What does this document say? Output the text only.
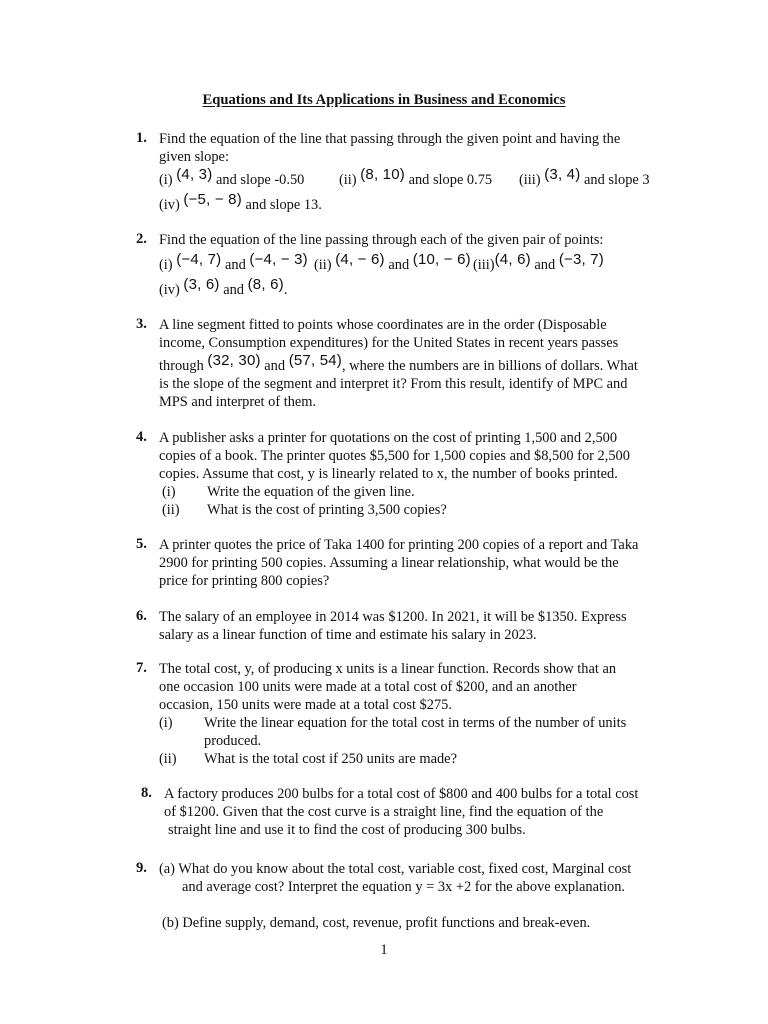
Equations and Its Applications in Business and Economics
1. Find the equation of the line that passing through the given point and having the
given slope:
(i) (4, 3) and slope -0.50 (ii) (8, 10) and slope 0.75 (iii) (3, 4) and slope 3
(iv) (−5, − 8) and slope 13.
2. Find the equation of the line passing through each of the given pair of points:
(i) (−4, 7) and (−4, − 3) (ii) (4, − 6) and (10, − 6) (iii)(4, 6) and (−3, 7)
(iv) (3, 6) and (8, 6).
3. A line segment fitted to points whose coordinates are in the order (Disposable
income, Consumption expenditures) for the United States in recent years passes
through (32, 30) and (57, 54), where the numbers are in billions of dollars. What
is the slope of the segment and interpret it? From this result, identify of MPC and
MPS and interpret of them.
4. A publisher asks a printer for quotations on the cost of printing 1,500 and 2,500
copies of a book. The printer quotes $5,500 for 1,500 copies and $8,500 for 2,500
copies. Assume that cost, y is linearly related to x, the number of books printed.
(i) Write the equation of the given line.
(ii) What is the cost of printing 3,500 copies?
5. A printer quotes the price of Taka 1400 for printing 200 copies of a report and Taka
2900 for printing 500 copies. Assuming a linear relationship, what would be the
price for printing 800 copies?
6. The salary of an employee in 2014 was $1200. In 2021, it will be $1350. Express
salary as a linear function of time and estimate his salary in 2023.
7. The total cost, y, of producing x units is a linear function. Records show that an
one occasion 100 units were made at a total cost of $200, and an another
occasion, 150 units were made at a total cost $275.
(i) Write the linear equation for the total cost in terms of the number of units
produced.
(ii) What is the total cost if 250 units are made?
8. A factory produces 200 bulbs for a total cost of $800 and 400 bulbs for a total cost
of $1200. Given that the cost curve is a straight line, find the equation of the
straight line and use it to find the cost of producing 300 bulbs.
9. (a) What do you know about the total cost, variable cost, fixed cost, Marginal cost
and average cost? Interpret the equation y = 3x +2 for the above explanation.
(b) Define supply, demand, cost, revenue, profit functions and break-even.
1
